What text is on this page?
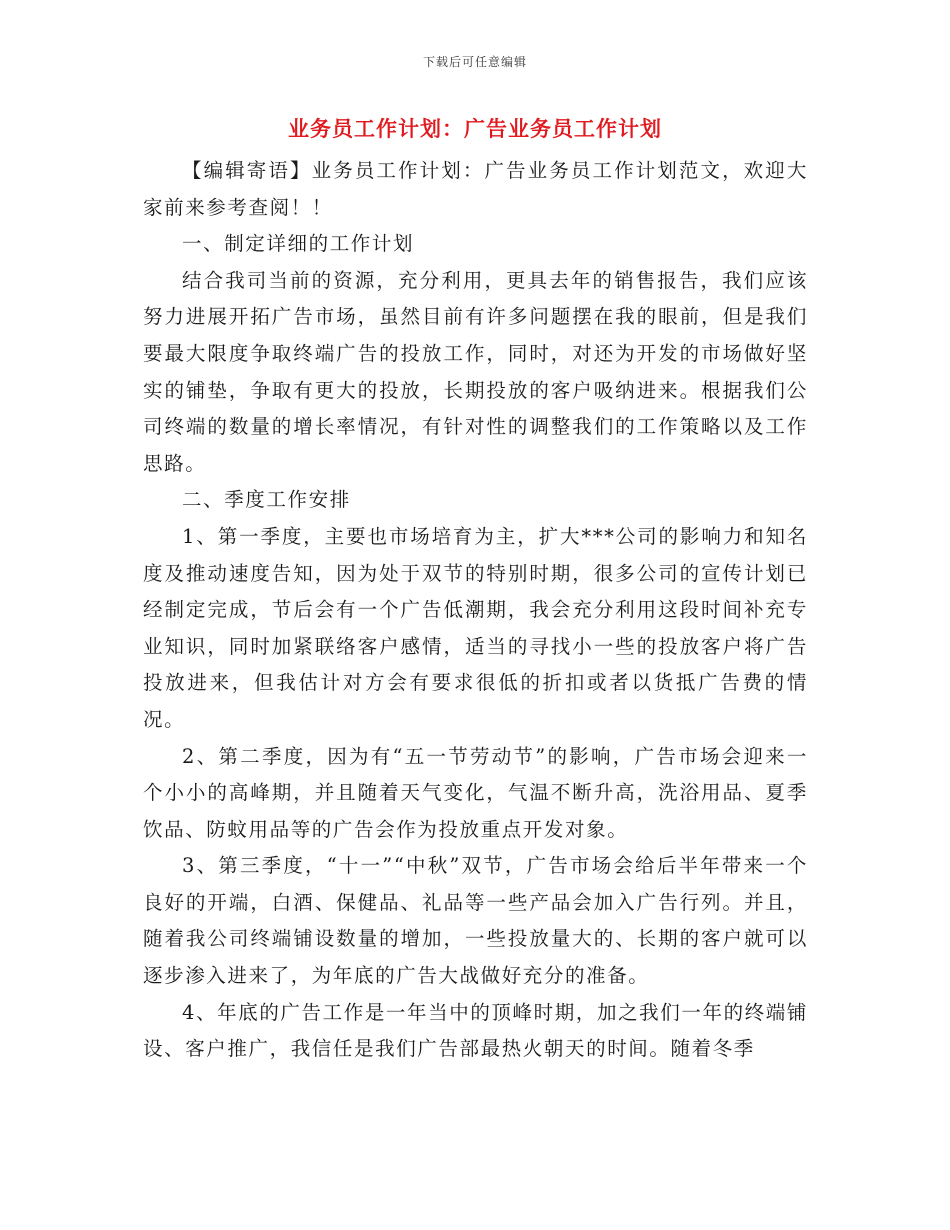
下载后可任意编辑
业务员工作计划：广告业务员工作计划

【编辑寄语】业务员工作计划：广告业务员工作计划范文，欢迎大家前来参考查阅！！

一、制定详细的工作计划

结合我司当前的资源，充分利用，更具去年的销售报告，我们应该努力进展开拓广告市场，虽然目前有许多问题摆在我的眼前，但是我们要最大限度争取终端广告的投放工作，同时，对还为开发的市场做好坚实的铺垫，争取有更大的投放，长期投放的客户吸纳进来。根据我们公司终端的数量的增长率情况，有针对性的调整我们的工作策略以及工作思路。

二、季度工作安排

1、第一季度，主要也市场培育为主，扩大***公司的影响力和知名度及推动速度告知，因为处于双节的特别时期，很多公司的宣传计划已经制定完成，节后会有一个广告低潮期，我会充分利用这段时间补充专业知识，同时加紧联络客户感情，适当的寻找小一些的投放客户将广告投放进来，但我估计对方会有要求很低的折扣或者以货抵广告费的情况。

2、第二季度，因为有“五一节劳动节”的影响，广告市场会迎来一个小小的高峰期，并且随着天气变化，气温不断升高，洗浴用品、夏季饮品、防蚊用品等的广告会作为投放重点开发对象。

3、第三季度，“十一”“中秋”双节，广告市场会给后半年带来一个良好的开端，白酒、保健品、礼品等一些产品会加入广告行列。并且，随着我公司终端铺设数量的增加，一些投放量大的、长期的客户就可以逐步渗入进来了，为年底的广告大战做好充分的准备。

4、年底的广告工作是一年当中的顶峰时期，加之我们一年的终端铺设、客户推广，我信任是我们广告部最热火朝天的时间。随着冬季
